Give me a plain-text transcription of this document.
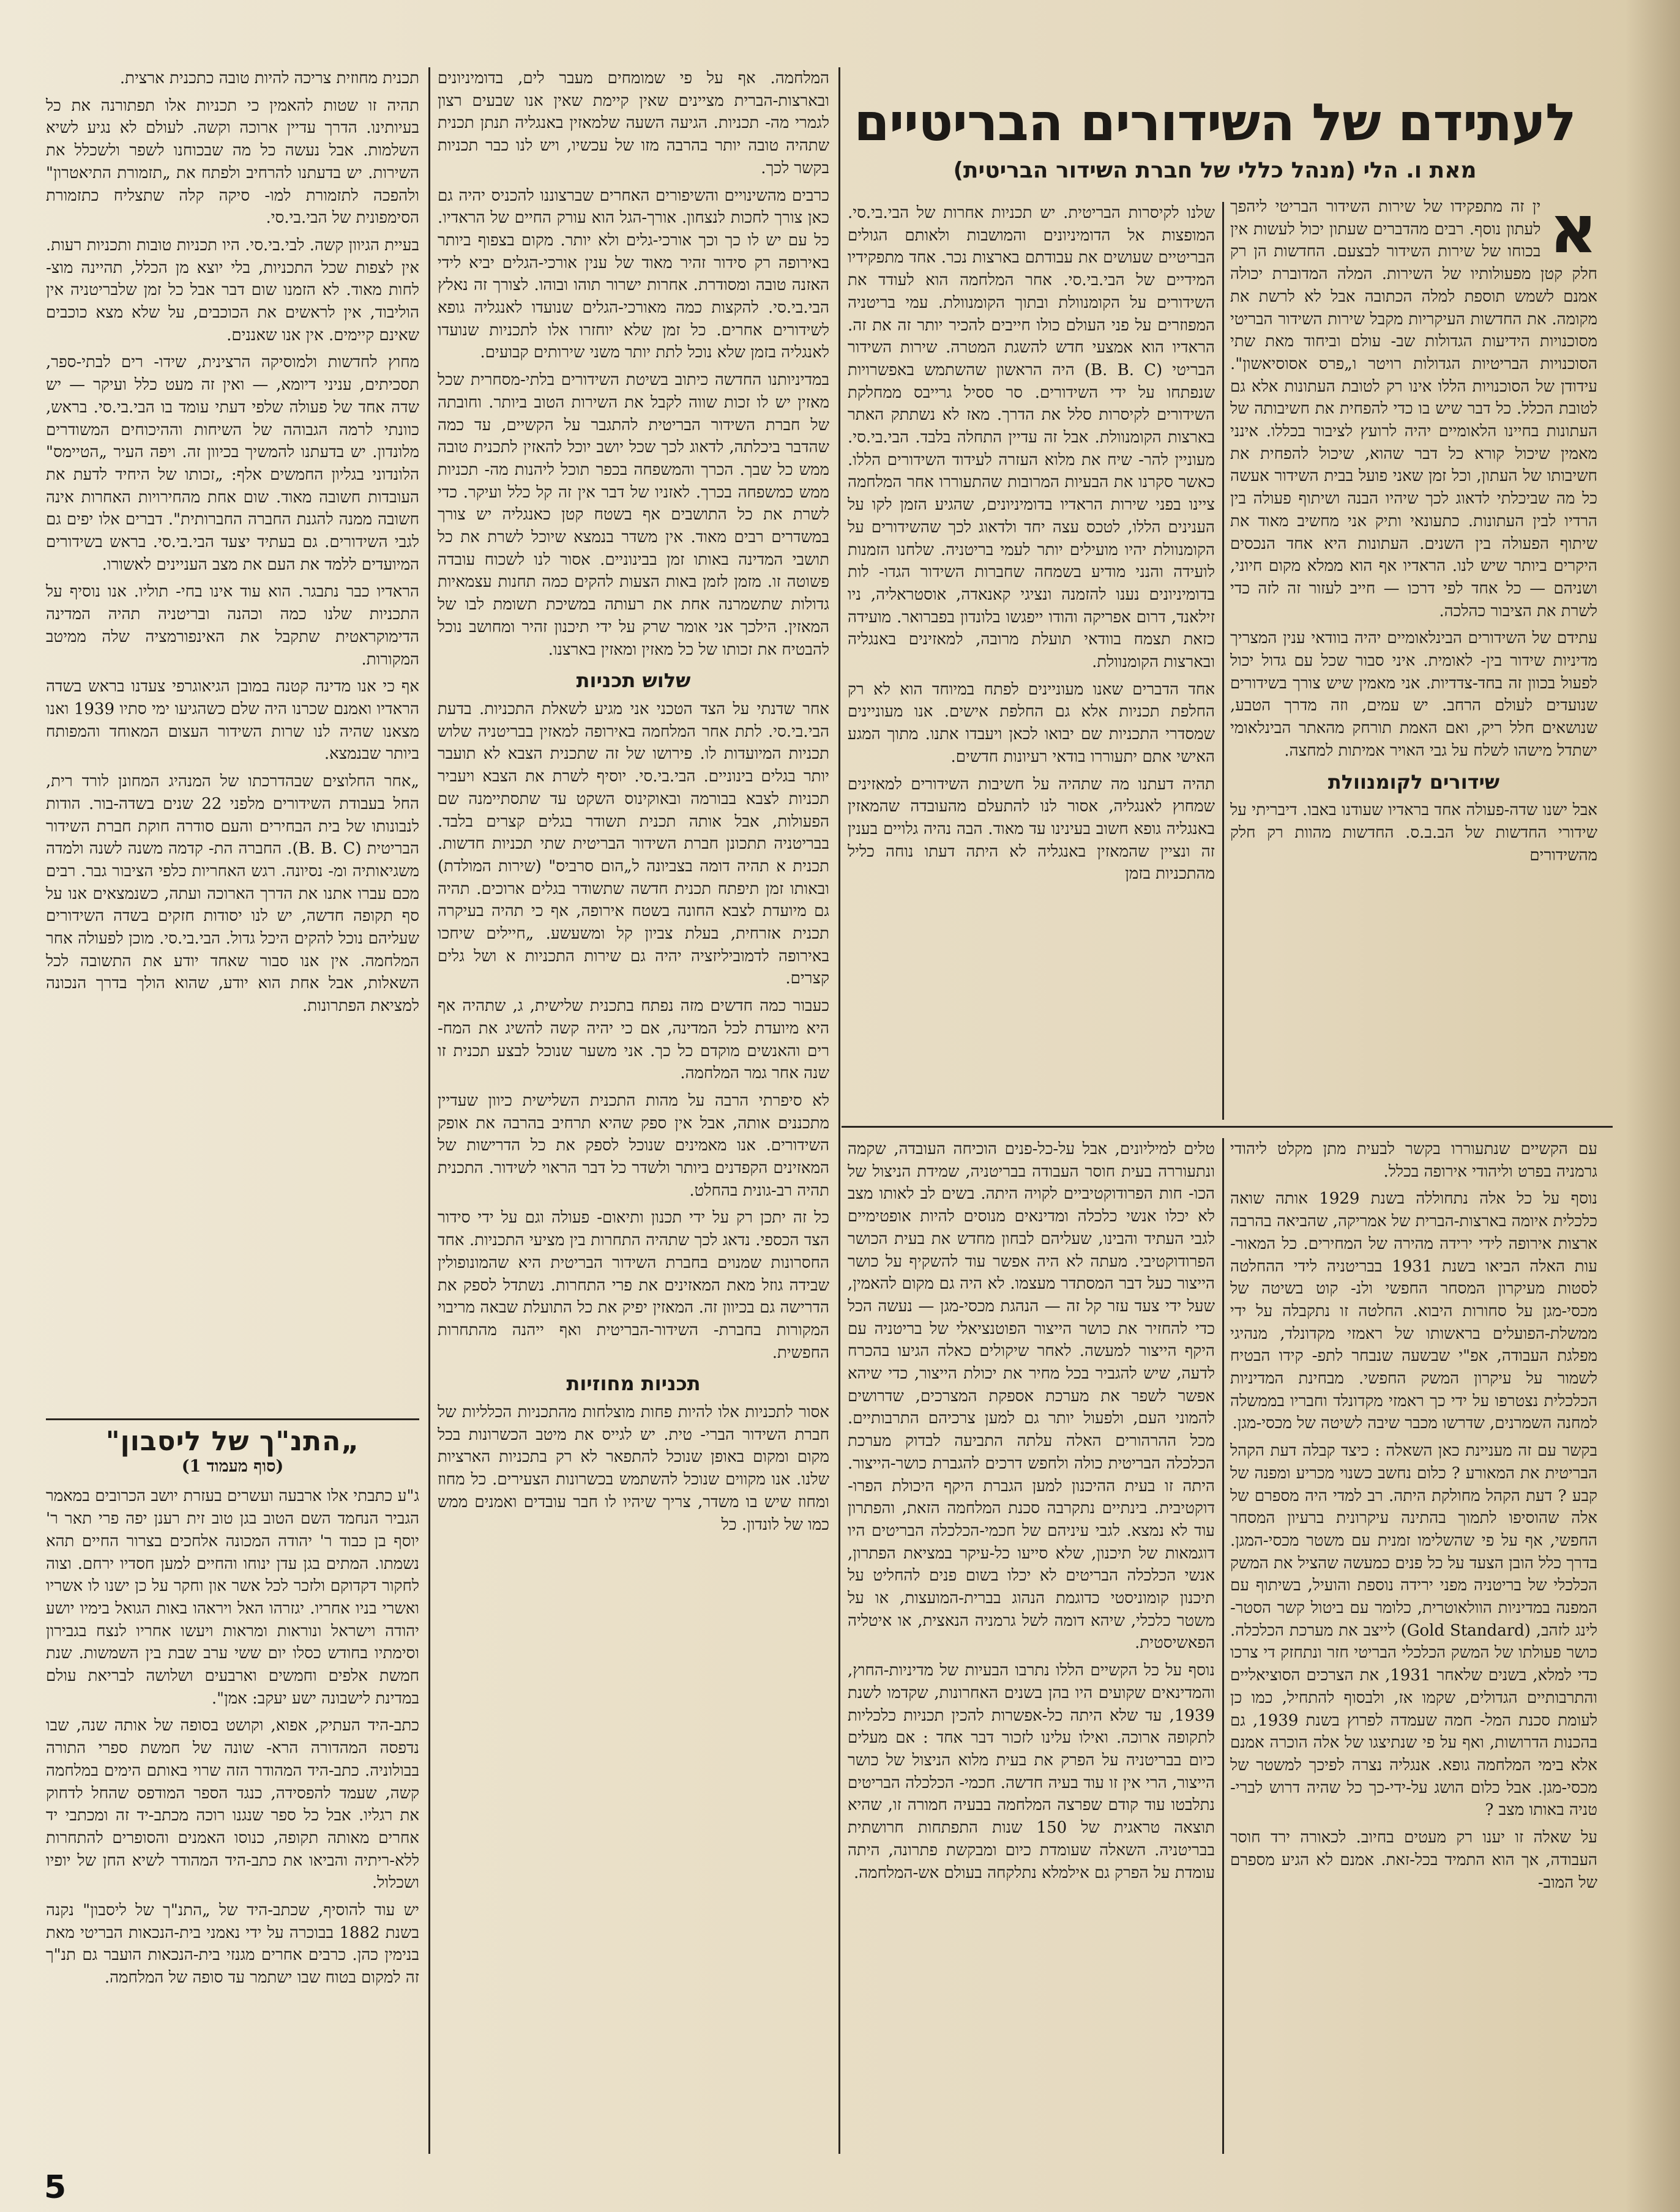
לעתידם של השידורים הבריטיים
מאת ו. הלי (מנהל כללי של חברת השידור הבריטית)
א

ין זה מתפקידו של שירות השידור הבריטי ליהפך לעתון נוסף. רבים מהדברים שעתון יכול לעשות אין בכוחו של שירות השידור לבצעם. החדשות הן רק חלק קטן מפעולותיו של השירות. המלה המדוברת יכולה אמנם לשמש תוספת למלה הכתובה אבל לא לרשת את מקומה. את החדשות העיקריות מקבל שירות השידור הבריטי מסוכנויות הידיעות הגדולות שב- עולם וביחוד מאת שתי הסוכנויות הבריטיות הגדולות רויטר ו„פרס אסוסיאשון". עידודן של הסוכנויות הללו אינו רק לטובת העתונות אלא גם לטובת הכלל. כל דבר שיש בו כדי להפחית את חשיבותה של העתונות בחיינו הלאומיים יהיה לרועץ לציבור בכללו. אינני מאמין שיכול קורא כל דבר שהוא, שיכול להפחית את חשיבותו של העתון, וכל זמן שאני פועל בבית השידור אעשה כל מה שביכלתי לדאוג לכך שיהיו הבנה ושיתוף פעולה בין הרדיו לבין העתונות. כתעונאי ותיק אני מחשיב מאוד את שיתוף הפעולה בין השנים. העתונות היא אחד הנכסים היקרים ביותר שיש לנו. הראדיו אף הוא ממלא מקום חיוני, ושניהם — כל אחד לפי דרכו — חייב לעזור זה לזה כדי לשרת את הציבור כהלכה.

עתידם של השידורים הבינלאומיים יהיה בוודאי ענין המצריך מדיניות שידור בין- לאומית. איני סבור שכל עם גדול יכול לפעול בכוון זה בחד-צדדיות. אני מאמין שיש צורך בשידורים שנועדים לעולם הרחב. יש עמים, וזה מדרך הטבע, שנושאים חלל ריק, ואם האמת תורחק מהאתר הבינלאומי ישתדל מישהו לשלח על גבי האויר אמיתות למחצה.

שידורים לקומנוולת

אבל ישנו שדה-פעולה אחד בראדיו שעודנו באבו. דיבריתי על שידורי החדשות של הב.ב.ס. החדשות מהוות רק חלק מהשידורים

שלנו לקיסרות הבריטית. יש תכניות אחרות של הבי.בי.סי. המופצות אל הדומיניונים והמושבות ולאותם הגולים הבריטיים שעושים את עבודתם בארצות נכר. אחד מתפקידיו המידיים של הבי.בי.סי. אחר המלחמה הוא לעודד את השידורים על הקומנוולת ובתוך הקומנוולת. עמי בריטניה המפוזרים על פני העולם כולו חייבים להכיר יותר זה את זה. הראדיו הוא אמצעי חדש להשגת המטרה. שירות השידור הבריטי (B. B. C) היה הראשון שהשתמש באפשרויות שנפתחו על ידי השידורים. סר ססיל גרייבס ממחלקת השידורים לקיסרות סלל את הדרך. מאז לא נשתתק האתר בארצות הקומנוולת. אבל זה עדיין התחלה בלבד. הבי.בי.סי. מעוניין להר- שיח את מלוא העזרה לעידוד השידורים הללו. כאשר סקרנו את הבעיות המרובות שהתעוררו אחר המלחמה ציינו בפני שירות הראדיו בדומיניונים, שהגיע הזמן לקו על הענינים הללו, לטכס עצה יחד ולדאוג לכך שהשידורים על הקומנוולת יהיו מועילים יותר לעמי בריטניה. שלחנו הזמנות לועידה והנני מודיע בשמחה שחברות השידור הגדו- לות בדומיניונים נענו להזמנה ונציגי קאנאדה, אוסטראליה, ניו זילאנד, דרום אפריקה והודו ייפגשו בלונדון בפברואר. מועידה כזאת תצמח בוודאי תועלת מרובה, למאזינים באנגליה ובארצות הקומנוולת.

אחד הדברים שאנו מעוניינים לפתח במיוחד הוא לא רק החלפת תכניות אלא גם החלפת אישים. אנו מעוניינים שמסדרי התכניות שם יבואו לכאן ויעבדו אתנו. מתוך המגע האישי אתם יתעוררו בודאי רעיונות חדשים.

תהיה דעתנו מה שתהיה על חשיבות השידורים למאזינים שמחוץ לאנגליה, אסור לנו להתעלם מהעובדה שהמאזין באנגליה גופא חשוב בעינינו עד מאוד. הבה נהיה גלויים בענין זה ונציין שהמאזין באנגליה לא היתה דעתו נוחה כליל מהתכניות בזמן

המלחמה. אף על פי שמומחים מעבר לים, בדומיניונים ובארצות-הברית מציינים שאין קיימת שאין אנו שבעים רצון לגמרי מה- תכניות. הגיעה השעה שלמאזין באנגליה תנתן תכנית שתהיה טובה יותר בהרבה מזו של עכשיו, ויש לנו כבר תכניות בקשר לכך.

כרבים מהשינויים והשיפורים האחרים שברצוננו להכניס יהיה גם כאן צורך לחכות לנצחון. אורך-הגל הוא עורק החיים של הראדיו. כל עם יש לו כך וכך אורכי-גלים ולא יותר. מקום בצפוף ביותר באירופה רק סידור זהיר מאוד של ענין אורכי-הגלים יביא לידי האזנה טובה ומסודרת. אחרות ישרור תוהו ובוהו. לצורך זה נאלץ הבי.בי.סי. להקצות כמה מאורכי-הגלים שנועדו לאנגליה גופא לשידורים אחרים. כל זמן שלא יוחזרו אלו לתכניות שנועדו לאנגליה בזמן שלא נוכל לתת יותר משני שירותים קבועים.

במדיניותנו החדשה כיתוב בשיטת השידורים בלתי-מסחרית שכל מאזין יש לו זכות שווה לקבל את השירות הטוב ביותר. וחובתה של חברת השידור הבריטית להתגבר על הקשיים, עד כמה שהדבר ביכלתה, לדאוג לכך שכל יושב יוכל להאזין לתכנית טובה ממש כל שבך. הכרך והמשפחה בכפר תוכל ליהנות מה- תכניות ממש כמשפחה בכרך. לאזניו של דבר אין זה קל כלל ועיקר. כדי לשרת את כל התושבים אף בשטח קטן כאנגליה יש צורך במשדרים רבים מאוד. אין משדר בנמצא שיוכל לשרת את כל תושבי המדינה באותו זמן בבינוניים. אסור לנו לשכוח עובדה פשוטה זו. מזמן לזמן באות הצעות להקים כמה תחנות עצמאיות גדולות שתשמרנה אחת את רעותה במשיכת תשומת לבו של המאזין. הילכך אני אומר שרק על ידי תיכנון זהיר ומחושב נוכל להבטיח את זכותו של כל מאזין ומאזין בארצנו.

שלוש תכניות

אחר שדנתי על הצד הטכני אני מגיע לשאלת התכניות. בדעת הבי.בי.סי. לתת אחר המלחמה באירופה למאזין בבריטניה שלוש תכניות המיועדות לו. פירושו של זה שתכנית הצבא לא תועבר יותר בגלים בינוניים. הבי.בי.סי. יוסיף לשרת את הצבא ויעביר תכניות לצבא בבורמה ובאוקינוס השקט עד שתסתיימנה שם הפעולות, אבל אותה תכנית תשודר בגלים קצרים בלבד. בבריטניה תתכונן חברת השידור הבריטית שתי תכניות חדשות. תכנית א תהיה דומה בצביונה ל„הום סרביס" (שירות המולדת) ובאותו זמן תיפתח תכנית חדשה שתשודר בגלים ארוכים. תהיה גם מיועדת לצבא החונה בשטח אירופה, אף כי תהיה בעיקרה תכנית אזרחית, בעלת צביון קל ומשעשע. „חיילים שיחכו באירופה לדמוביליזציה יהיה גם שירות התכניות א ושל גלים קצרים.

כעבור כמה חדשים מזה נפתח בתכנית שלישית, ג, שתהיה אף היא מיועדת לכל המדינה, אם כי יהיה קשה להשיג את המח- רים והאנשים מוקדם כל כך. אני משער שנוכל לבצע תכנית זו שנה אחר גמר המלחמה.

לא סיפרתי הרבה על מהות התכנית השלישית כיוון שעדיין מתכננים אותה, אבל אין ספק שהיא תרחיב בהרבה את אופק השידורים. אנו מאמינים שנוכל לספק את כל הדרישות של המאזינים הקפדנים ביותר ולשדר כל דבר הראוי לשידור. התכנית תהיה רב-גונית בהחלט.

כל זה יתכן רק על ידי תכנון ותיאום- פעולה וגם על ידי סידור הצד הכספי. נדאג לכך שתהיה התחרות בין מציעי התכניות. אחד החסרונות שמנוים בחברת השידור הבריטית היא שהמונופולין שבידה גוזל מאת המאזינים את פרי התחרות. נשתדל לספק את הדרישה גם בכיוון זה. המאזין יפיק את כל התועלת שבאה מריבוי המקורות בחברת- השידור-הבריטית ואף ייהנה מהתחרות החפשית.

תכניות מחוזיות

אסור לתכניות אלו להיות פחות מוצלחות מהתכניות הכלליות של חברת השידור הברי- טית. יש לגייס את מיטב הכשרונות בכל מקום ומקום באופן שנוכל להתפאר לא רק בתכניות הארציות שלנו. אנו מקווים שנוכל להשתמש בכשרונות הצעירים. כל מחוז ומחוז שיש בו משדר, צריך שיהיו לו חבר עובדים ואמנים ממש כמו של לונדון. כל

תכנית מחוזית צריכה להיות טובה כתכנית ארצית.

תהיה זו שטות להאמין כי תכניות אלו תפתורנה את כל בעיותינו. הדרך עדיין ארוכה וקשה. לעולם לא נגיע לשיא השלמות. אבל נעשה כל מה שבכוחנו לשפר ולשכלל את השירות. יש בדעתנו להרחיב ולפתח את „תזמורת התיאטרון" ולהפכה לתזמורת למו- סיקה קלה שתצליח כתזמורת הסימפונית של הבי.בי.סי.

בעיית הגיוון קשה. לבי.בי.סי. היו תכניות טובות ותכניות רעות. אין לצפות שכל התכניות, בלי יוצא מן הכלל, תהיינה מוצ- לחות מאוד. לא הזמנו שום דבר אבל כל זמן שלבריטניה אין הוליבוד, אין לראשים את הכוכבים, על שלא מצא כוכבים שאינם קיימים. אין אנו שאננים.

מחוץ לחדשות ולמוסיקה הרצינית, שידו- רים לבתי-ספר, תסכיתים, עניני דיומא, — ואין זה מעט כלל ועיקר — יש שדה אחד של פעולה שלפי דעתי עומד בו הבי.בי.סי. בראש, כוונתי לרמה הגבוהה של השיחות וההיכוחים המשודרים מלונדון. יש בדעתנו להמשיך בכיוון זה. ויפה העיר „הטיימס" הלונדוני בגליון החמשים אלף: „זכותו של היחיד לדעת את העובדות חשובה מאוד. שום אחת מהחירויות האחרות אינה חשובה ממנה להגנת החברה החברותית". דברים אלו יפים גם לגבי השידורים. גם בעתיד יצעד הבי.בי.סי. בראש בשידורים המיועדים ללמד את העם את מצב העניינים לאשורו.

הראדיו כבר נתבגר. הוא עוד אינו בחי- תוליו. אנו נוסיף על התכניות שלנו כמה וכהנה ובריטניה תהיה המדינה הדימוקראטית שתקבל את האינפורמציה שלה ממיטב המקורות.

אף כי אנו מדינה קטנה במובן הגיאוגרפי צעדנו בראש בשדה הראדיו ואמנם שכרנו היה שלם כשהגיעו ימי סתיו 1939 ואנו מצאנו שהיה לנו שרות השידור העצום המאוחד והמפותח ביותר שבנמצא.

„אחר החלוצים שבהדרכתו של המנהיג המחונן לורד רית, החל בעבודת השידורים מלפני 22 שנים בשדה-בור. הודות לנבונותו של בית הבחירים והעם סודרה חוקת חברת השידור הבריטית (B. B. C). החברה הת- קדמה משנה לשנה ולמדה משגיאותיה ומ- נסיונה. רגש האחריות כלפי הציבור גבר. רבים מכם עברו אתנו את הדרך הארוכה ועתה, כשנמצאים אנו על סף תקופה חדשה, יש לנו יסודות חזקים בשדה השידורים שעליהם נוכל להקים היכל גדול. הבי.בי.סי. מוכן לפעולה אחר המלחמה. אין אנו סבור שאחד יודע את התשובה לכל השאלות, אבל אחת הוא יודע, שהוא הולך בדרך הנכונה למציאת הפתרונות.

„התנ"ך של ליסבון"
(סוף מעמוד 1)

ג"ע כתבתי אלו ארבעה ועשרים בעזרת יושב הכרובים במאמר הגביר הנחמד השם הטוב בגן טוב זית רענן יפה פרי תאר ר' יוסף בן כבוד ר' יהודה המכונה אלחכים בצרור החיים תהא נשמתו. המתים בגן עדן ינוחו והחיים למען חסדיו ירחם. וצוה לחקור דקדוקם ולזכר לכל אשר און וחקר על כן ישנו לו אשריו ואשרי בניו אחריו. יגזרהו האל ויראהו באות הגואל בימיו יושע יהודה וישראל ונוראות ומראות ויעשו אחריו לנצח בגבירון וסימתיו בחודש כסלו יום ששי ערב שבת בין השמשות. שנת חמשת אלפים וחמשים וארבעים ושלושה לבריאת עולם במדינת לישבונה ישע יעקב: אמן".

כתב-היד העתיק, אפוא, וקושט בסופה של אותה שנה, שבו נדפסה המהדורה הרא- שונה של חמשת ספרי התורה בבולוניה. כתב-היד המהודר הזה שרוי באותם הימים במלחמה קשה, שעמד להפסידה, כנגד הספר המודפס שהחל לדחוק את רגליו. אבל כל ספר שנגנו רוכה מכתב-יד זה ומכתבי יד אחרים מאותה תקופה, כנוסו האמנים והסופרים להתחרות ללא-ריתיה והביאו את כתב-היד המהודר לשיא החן של יופיו ושכלול.

יש עוד להוסיף, שכתב-היד של „התנ"ך של ליסבון" נקנה בשנת 1882 בבוכרה על ידי נאמני בית-הנכאות הבריטי מאת בנימין כהן. כרבים אחרים מגנזי בית-הנכאות הועבר גם תנ"ך זה למקום בטוח שבו ישתמר עד סופה של המלחמה.

עם הקשיים שנתעוררו בקשר לבעית מתן מקלט ליהודי גרמניה בפרט וליהודי אירופה בכלל.

נוסף על כל אלה נתחוללה בשנת 1929 אותה שואה כלכלית איומה בארצות-הברית של אמריקה, שהביאה בהרבה ארצות אירופה לידי ירידה מהירה של המחירים. כל המאור- עות האלה הביאו בשנת 1931 בבריטניה לידי ההחלטה לסטות מעיקרון המסחר החפשי ולנ- קוט בשיטה של מכסי-מגן על סחורות היבוא. החלטה זו נתקבלה על ידי ממשלת-הפועלים בראשותו של ראמזי מקדונלד, מנהיגי מפלגת העבודה, אפ"י שבשעה שנבחר לתפ- קידו הבטיח לשמור על עיקרון המשק החפשי. מבחינת המדיניות הכלכלית נצטרפו על ידי כך ראמזי מקדונלד וחבריו בממשלה למחנה השמרנים, שדרשו מכבר שיבה לשיטה של מכסי-מגן.

בקשר עם זה מעניינת כאן השאלה : כיצד קבלה דעת הקהל הבריטית את המאורע ? כלום נחשב כשנוי מכריע ומפנה של קבע ? דעת הקהל מחולקת היתה. רב למדי היה מספרם של אלה שהוסיפו לתמוך בהתינה עיקרונית ברעיון המסחר החפשי, אף על פי שהשלימו זמנית עם משטר מכסי-המגן. בדרך כלל הובן הצעד על כל פנים כמעשה שהציל את המשק הכלכלי של בריטניה מפני ירידה נוספת והועיל, בשיתוף עם המפנה במדיניות הוולאוטרית, כלומר עם ביטול קשר הסטר- לינג לזהב, (Gold Standard) לייצב את מערכת הכלכלה. כושר פעולתו של המשק הכלכלי הבריטי חזר ונתחזק די צרכו כדי למלא, בשנים שלאחר 1931, את הצרכים הסוציאליים והתרבותיים הגדולים, שקמו אז, ולבסוף להתחיל, כמו כן לעומת סכנת המל- חמה שעמדה לפרוץ בשנת 1939, גם בהכנות הדרושות, ואף על פי שנתיצגו של אלה הוכרה אמנם אלא בימי המלחמה גופא. אנגליה נצרה לפיכך למשטר של מכסי-מגן. אבל כלום הושג על-ידי-כך כל שהיה דרוש לברי- טניה באותו מצב ?

על שאלה זו יענו רק מעטים בחיוב. לכאורה ירד חוסר העבודה, אך הוא התמיד בכל-זאת. אמנם לא הגיע מספרם של המוב-

טלים למיליונים, אבל על-כל-פנים הוכיחה העובדה, שקמה ונתעוררה בעית חוסר העבודה בבריטניה, שמידת הניצול של הכו- חות הפרודוקטיביים לקויה היתה. בשים לב לאותו מצב לא יכלו אנשי כלכלה ומדינאים מנוסים להיות אופטימיים לגבי העתיד והבינו, שעליהם לבחון מחדש את בעית הכושר הפרודוקטיבי. מעתה לא היה אפשר עוד להשקיף על כושר הייצור כעל דבר המסתדר מעצמו. לא היה גם מקום להאמין, שעל ידי צעד עזר קל זה — הנהגת מכסי-מגן — נעשה הכל כדי להחזיר את כושר הייצור הפוטנציאלי של בריטניה עם היקף הייצור למעשה. לאחר שיקולים כאלה הגיעו בהכרח לדעה, שיש להגביר בכל מחיר את יכולת הייצור, כדי שיהא אפשר לשפר את מערכת אספקת המצרכים, שדרושים להמוני העם, ולפעול יותר גם למען צרכיהם התרבותיים. מכל ההרהורים האלה עלתה התביעה לבדוק מערכת הכלכלה הבריטית כולה ולחפש דרכים להגברת כושר-הייצור. היתה זו בעית ההיכנון למען הגברת היקף היכולת הפרו- דוקטיבית. בינתיים נתקרבה סכנת המלחמה הזאת, והפתרון עוד לא נמצא. לגבי עיניהם של חכמי-הכלכלה הבריטים היו דוגמאות של תיכנון, שלא סייעו כל-עיקר במציאת הפתרון, אנשי הכלכלה הבריטים לא יכלו בשום פנים להחליט על תיכנון קומוניסטי כדוגמת הנהוג בברית-המועצות, או על משטר כלכלי, שיהא דומה לשל גרמניה הנאצית, או איטליה הפאשיסטית.

נוסף על כל הקשיים הללו נתרבו הבעיות של מדיניות-החוץ, והמדינאים שקועים היו בהן בשנים האחרונות, שקדמו לשנת 1939, עד שלא היתה כל-אפשרות להכין תכניות כלכליות לתקופה ארוכה. ואילו עלינו לזכור דבר אחד : אם מעלים כיום בבריטניה על הפרק את בעית מלוא הניצול של כושר הייצור, הרי אין זו עוד בעיה חדשה. חכמי- הכלכלה הבריטים נתלבטו עוד קודם שפרצה המלחמה בבעיה חמורה זו, שהיא תוצאה טראגית של 150 שנות התפתחות חרושתית בבריטניה. השאלה שעומדת כיום ומבקשת פתרונה, היתה עומדת על הפרק גם אילמלא נתלקחה בעולם אש-המלחמה.

5
